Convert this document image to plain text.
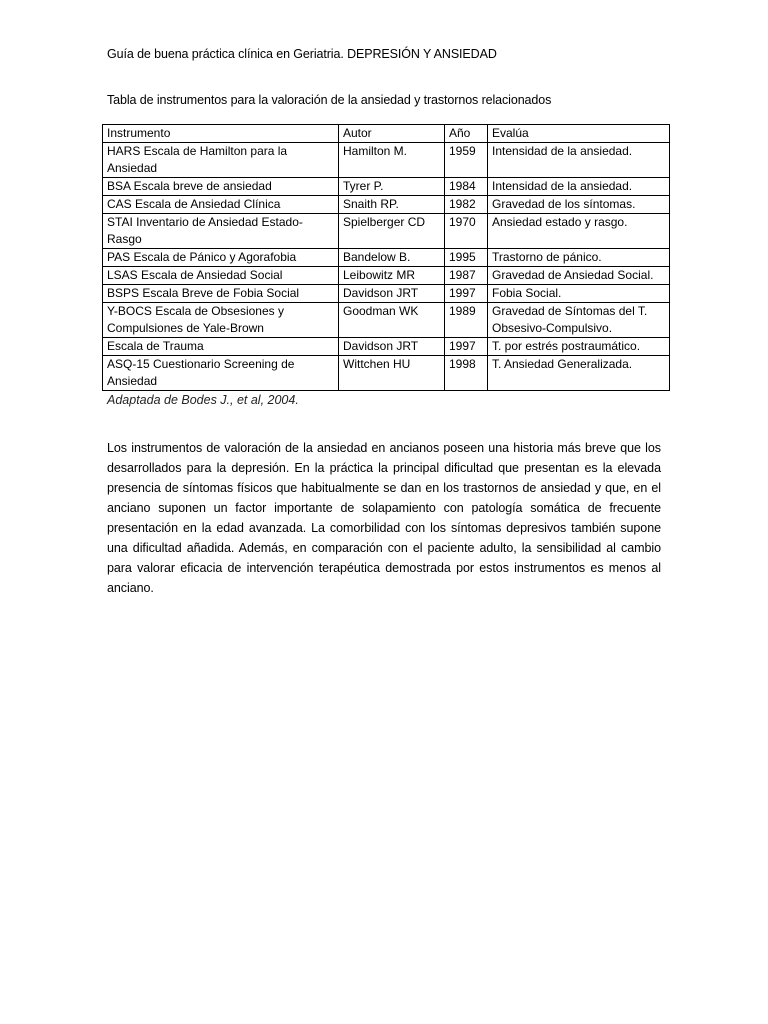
Guía de buena práctica clínica en Geriatria. DEPRESIÓN Y ANSIEDAD
Tabla de instrumentos para la valoración de la ansiedad y trastornos relacionados
Instrumento	Autor	Año	Evalúa
HARS Escala de Hamilton para la Ansiedad	Hamilton M.	1959	Intensidad de la ansiedad.
BSA Escala breve de ansiedad	Tyrer P.	1984	Intensidad de la ansiedad.
CAS Escala de Ansiedad Clínica	Snaith RP.	1982	Gravedad de los síntomas.
STAI Inventario de Ansiedad Estado-Rasgo	Spielberger CD	1970	Ansiedad estado y rasgo.
PAS Escala de Pánico y Agorafobia	Bandelow B.	1995	Trastorno de pánico.
LSAS Escala de Ansiedad Social	Leibowitz MR	1987	Gravedad de Ansiedad Social.
BSPS Escala Breve de Fobia Social	Davidson JRT	1997	Fobia Social.
Y-BOCS Escala de Obsesiones y Compulsiones de Yale-Brown	Goodman WK	1989	Gravedad de Síntomas del T. Obsesivo-Compulsivo.
Escala de Trauma	Davidson JRT	1997	T. por estrés postraumático.
ASQ-15 Cuestionario Screening de Ansiedad	Wittchen HU	1998	T. Ansiedad Generalizada.
Adaptada de Bodes J., et al, 2004.

Los instrumentos de valoración de la ansiedad en ancianos poseen una historia más breve que los desarrollados para la depresión. En la práctica la principal dificultad que presentan es la elevada presencia de síntomas físicos que habitualmente se dan en los trastornos de ansiedad y que, en el anciano suponen un factor importante de solapamiento con patología somática de frecuente presentación en la edad avanzada. La comorbilidad con los síntomas depresivos también supone una dificultad añadida. Además, en comparación con el paciente adulto, la sensibilidad al cambio para valorar eficacia de intervención terapéutica demostrada por estos instrumentos es menos al anciano.
